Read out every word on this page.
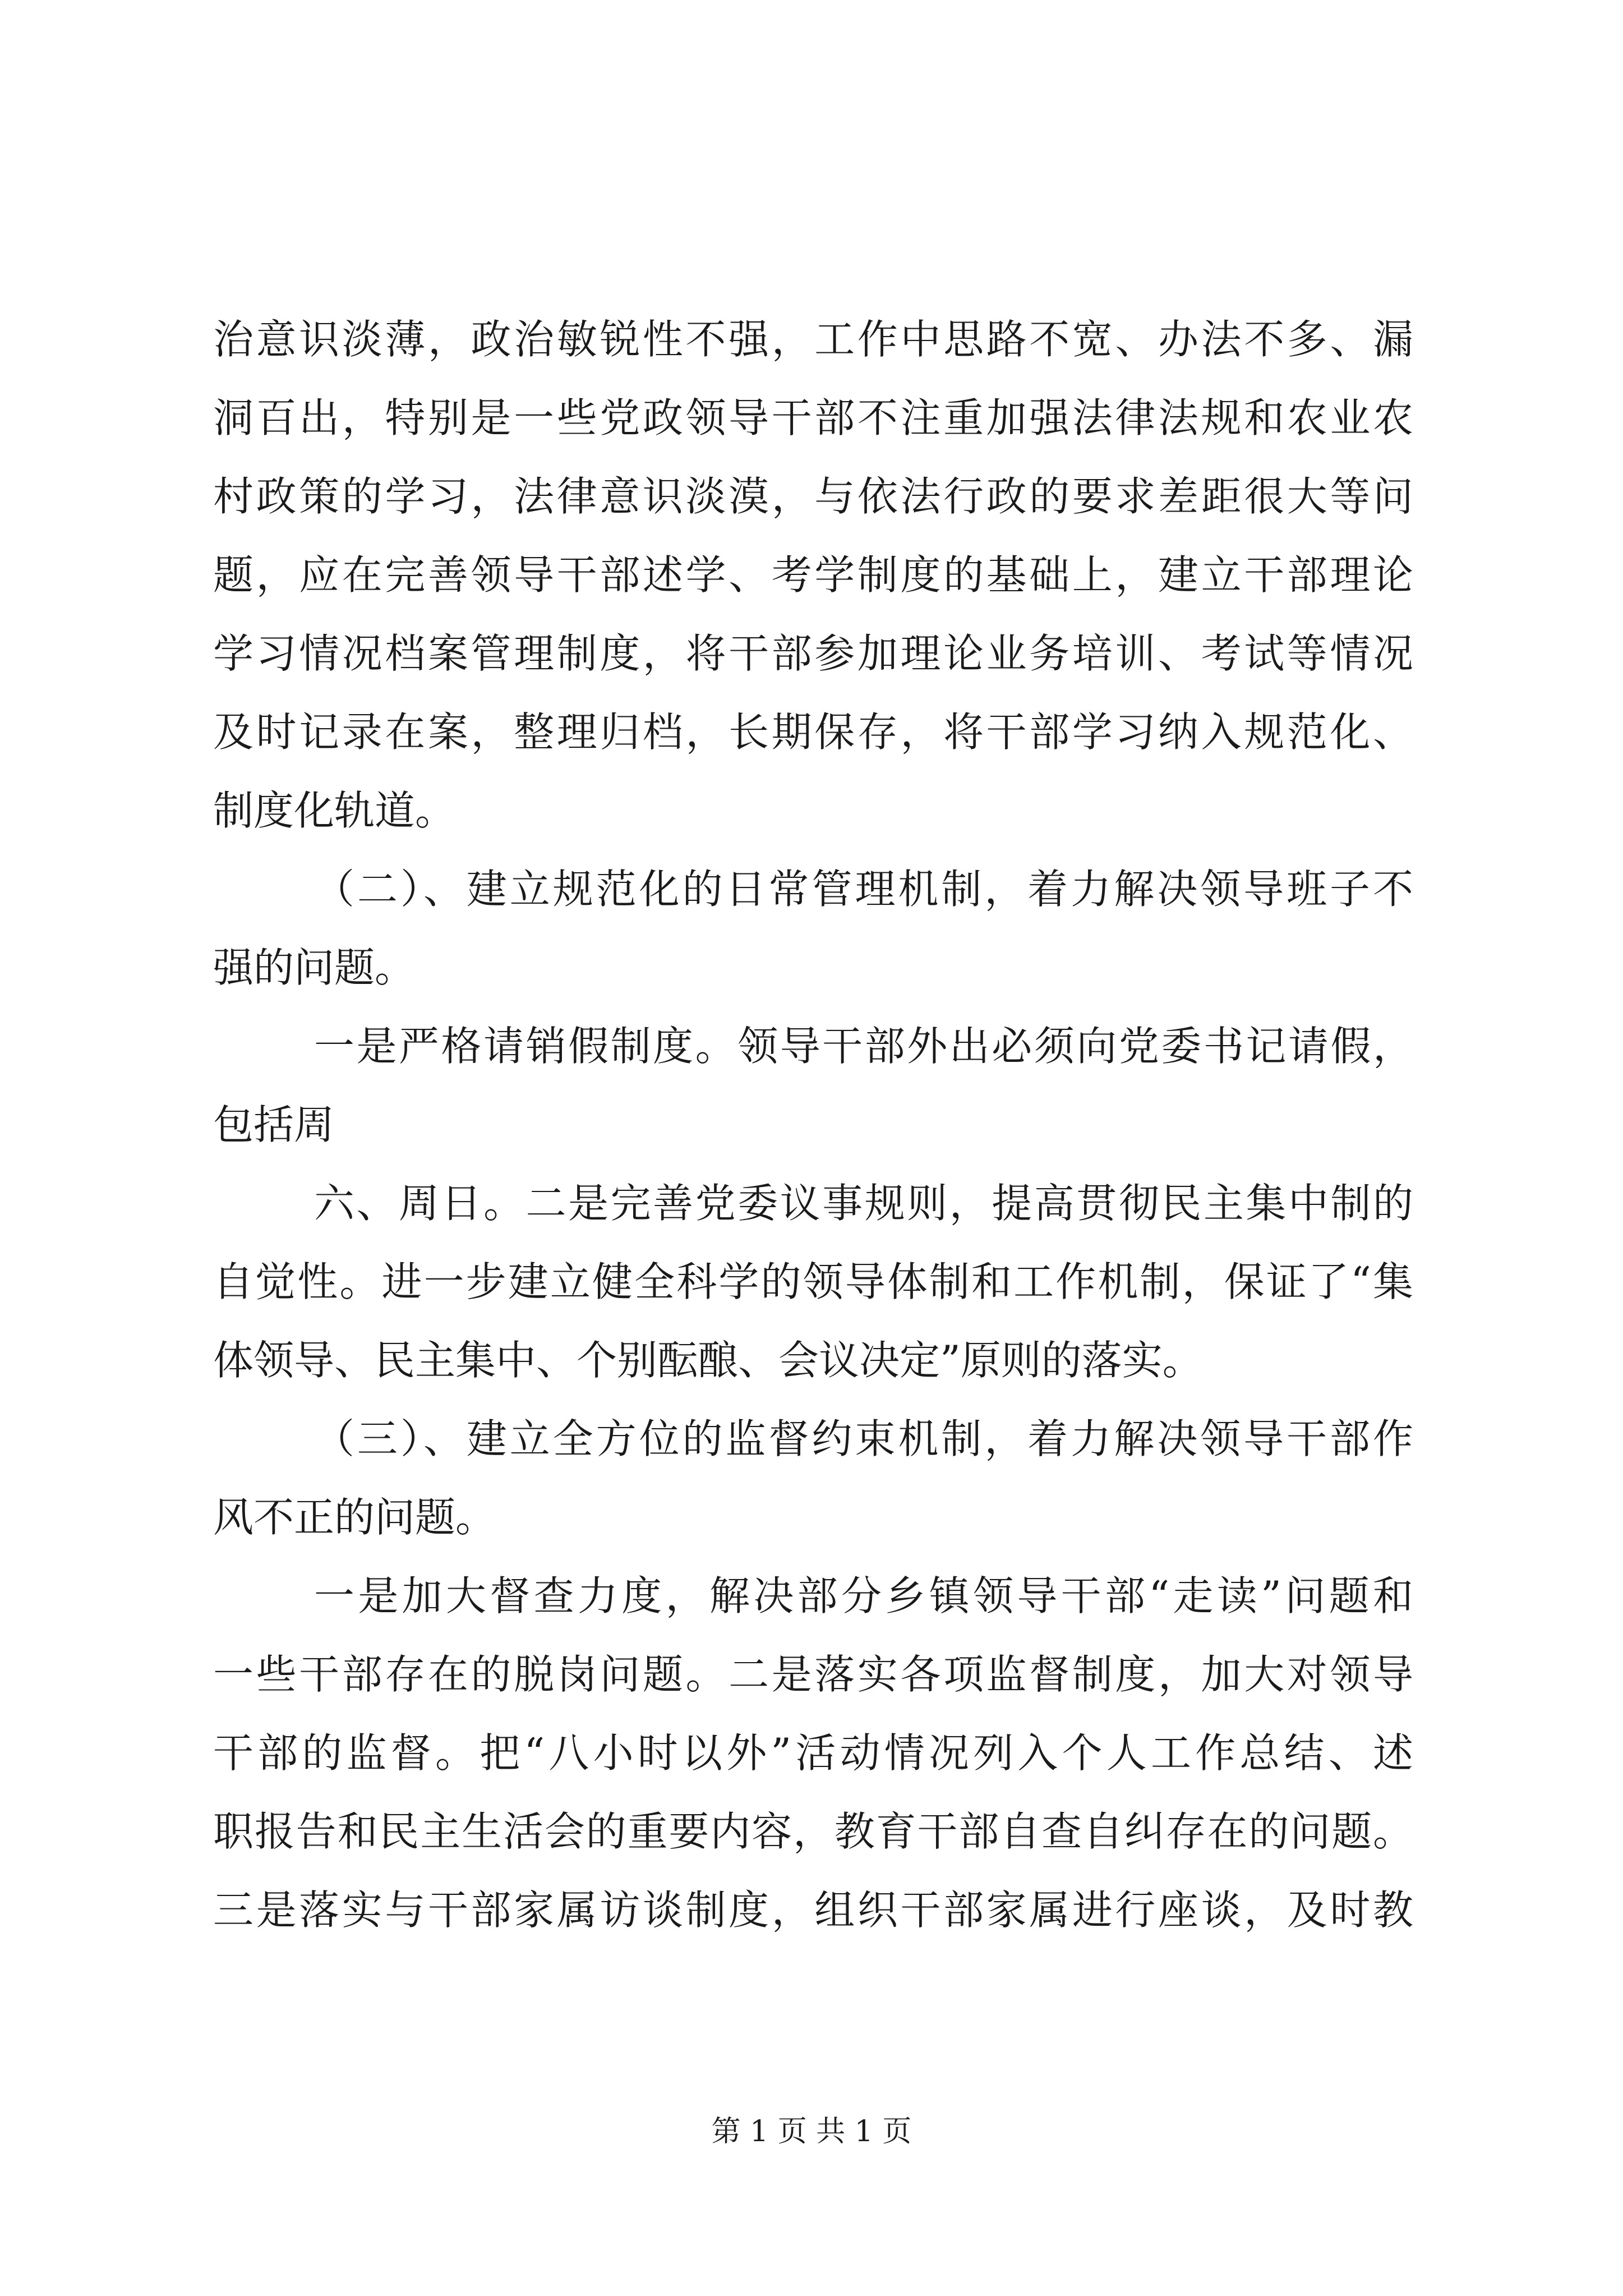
治意识淡薄，政治敏锐性不强，工作中思路不宽、办法不多、漏
洞百出，特别是一些党政领导干部不注重加强法律法规和农业农
村政策的学习，法律意识淡漠，与依法行政的要求差距很大等问
题，应在完善领导干部述学、考学制度的基础上，建立干部理论
学习情况档案管理制度，将干部参加理论业务培训、考试等情况
及时记录在案，整理归档，长期保存，将干部学习纳入规范化、
制度化轨道。
（二）、建立规范化的日常管理机制，着力解决领导班子不
强的问题。
一是严格请销假制度。领导干部外出必须向党委书记请假，
包括周
六、周日。二是完善党委议事规则，提高贯彻民主集中制的
自觉性。进一步建立健全科学的领导体制和工作机制，保证了“集
体领导、民主集中、个别酝酿、会议决定”原则的落实。
（三）、建立全方位的监督约束机制，着力解决领导干部作
风不正的问题。
一是加大督查力度，解决部分乡镇领导干部“走读”问题和
一些干部存在的脱岗问题。二是落实各项监督制度，加大对领导
干部的监督。把“八小时以外”活动情况列入个人工作总结、述
职报告和民主生活会的重要内容，教育干部自查自纠存在的问题。
三是落实与干部家属访谈制度，组织干部家属进行座谈，及时教
第 1 页 共 1 页
